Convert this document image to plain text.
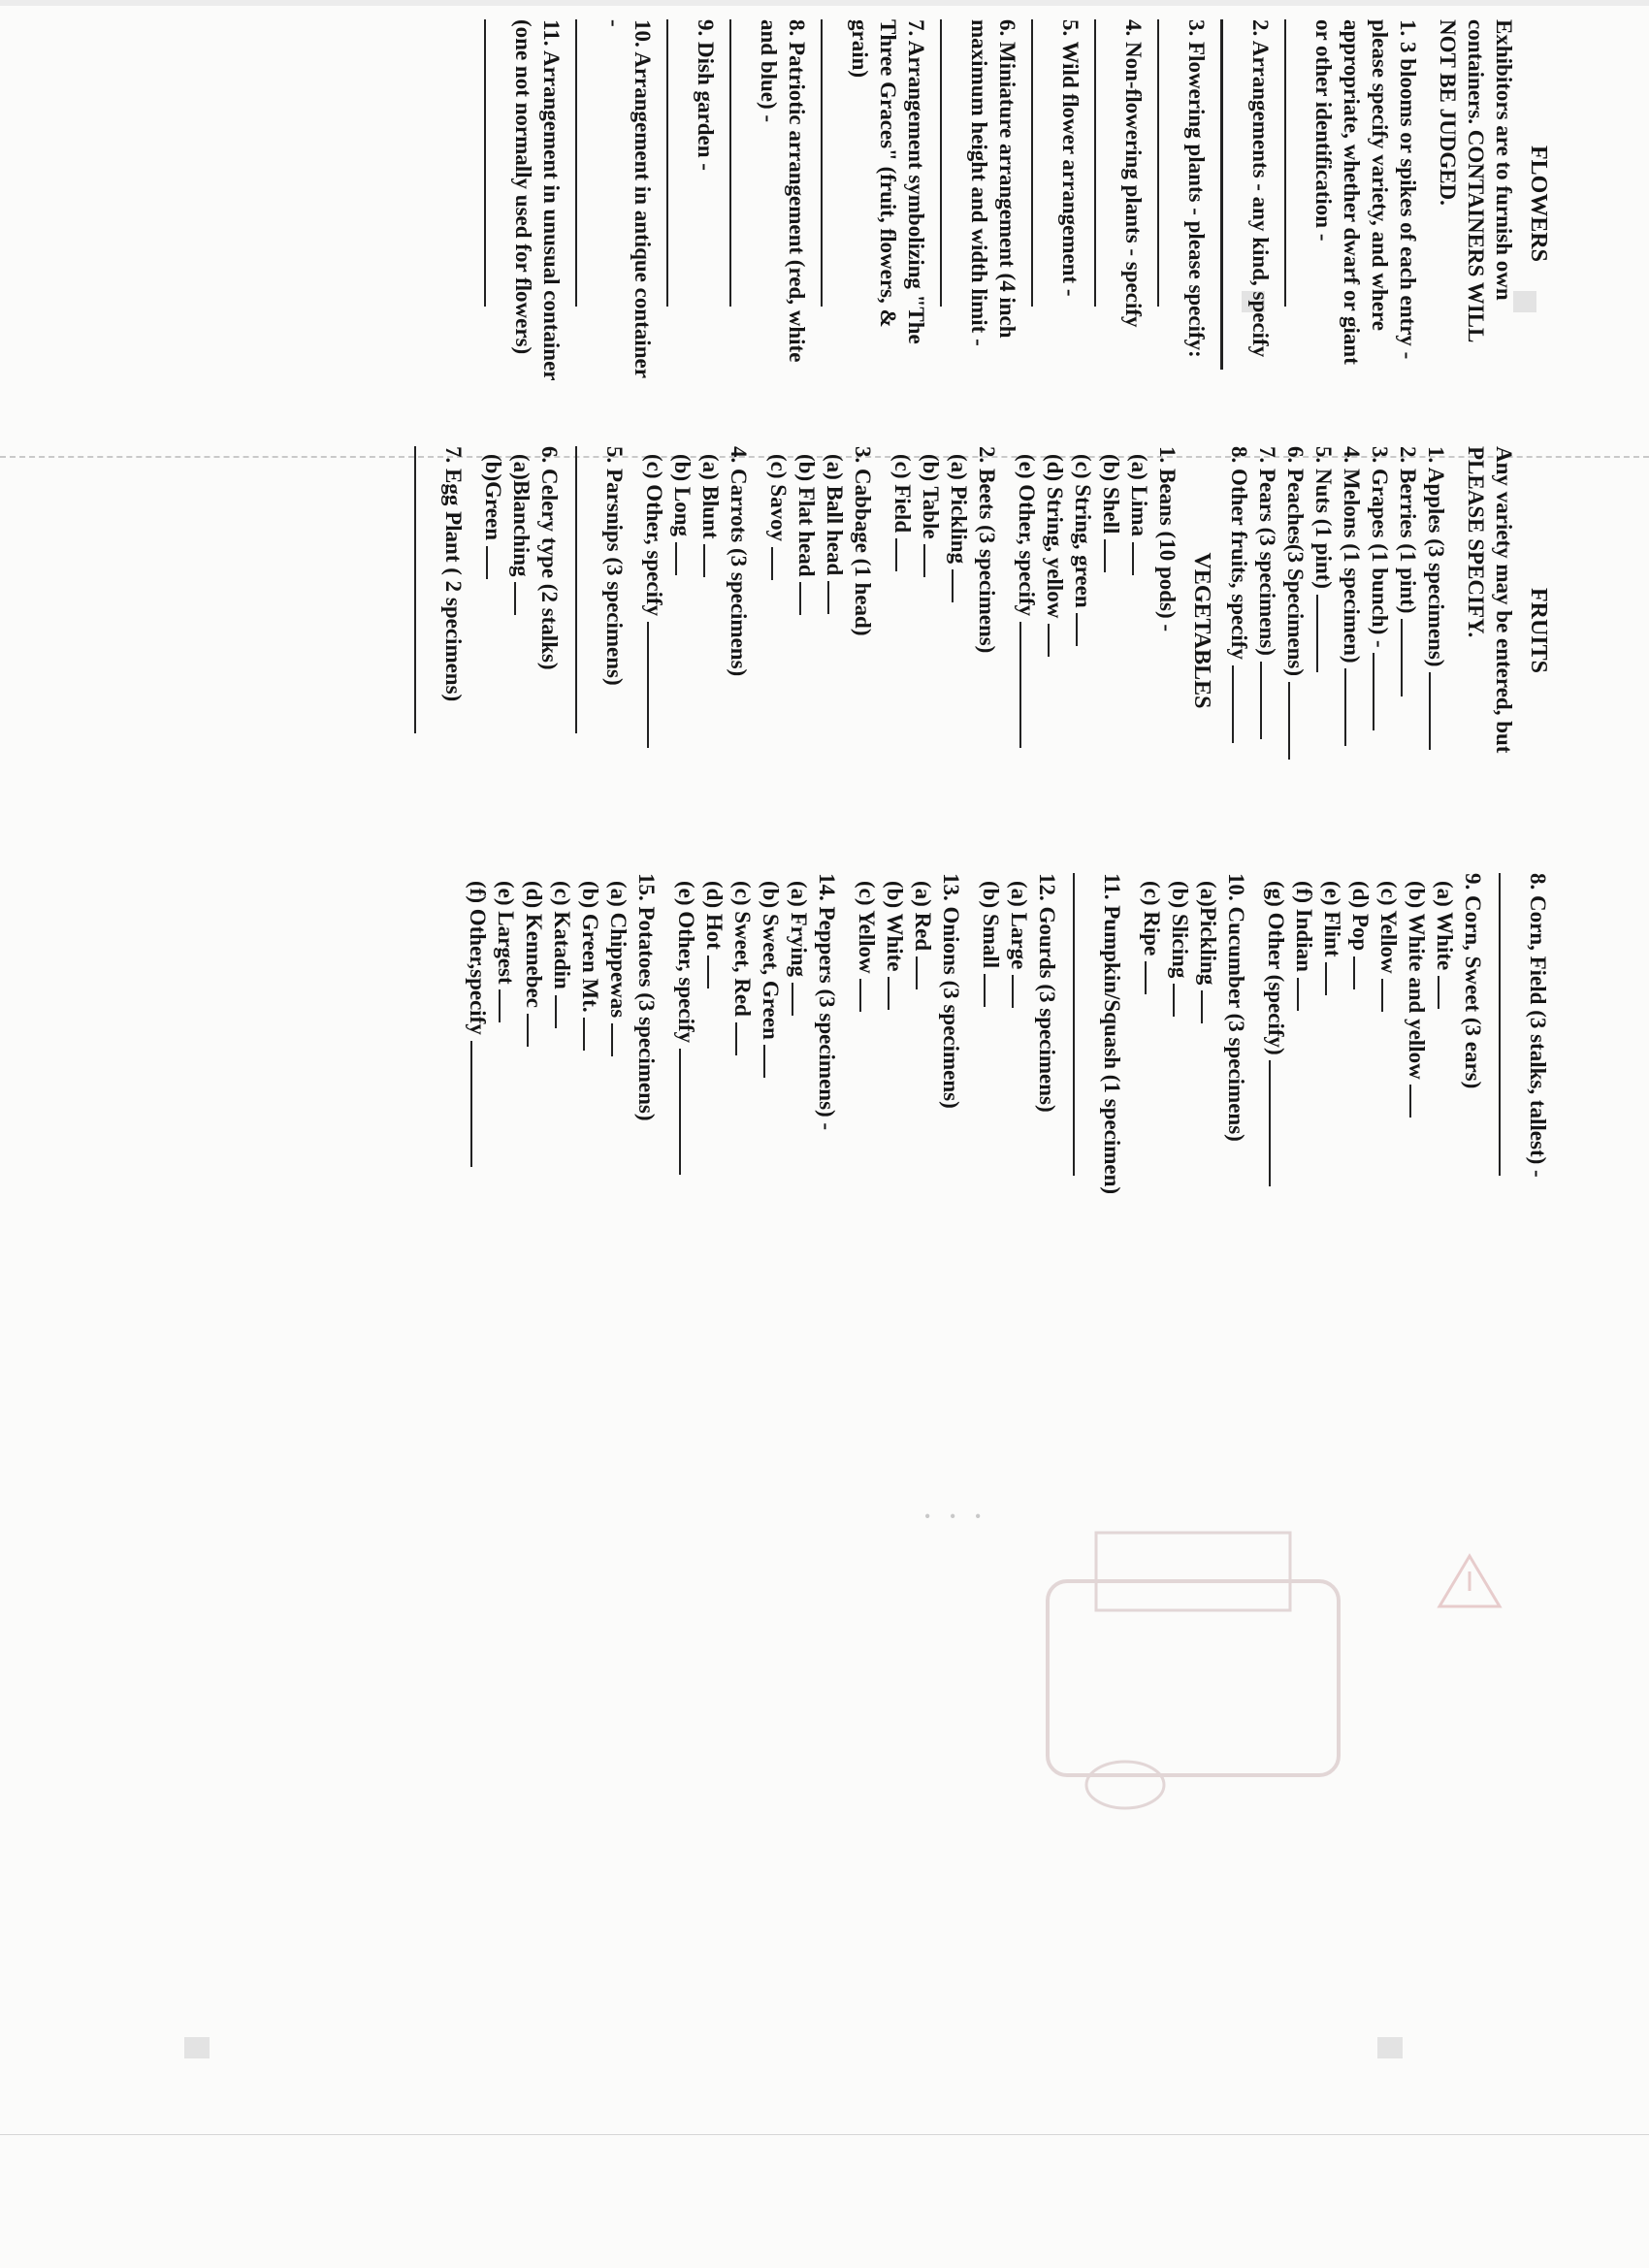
FLOWERS
Exhibitors are to furnish own containers. CONTAINERS WILL NOT BE JUDGED.
1. 3 blooms or spikes of each entry - please specify variety, and where appropriate, whether dwarf or giant or other identification -
2. Arrangements - any kind, specify
3. Flowering plants - please specify:
4. Non-flowering plants - specify
5. Wild flower arrangement -
6. Miniature arrangement (4 inch maximum height and width limit -
7. Arrangement symbolizing "The Three Graces" (fruit, flowers, & grain)
8. Patriotic arrangement (red, white and blue) -
9. Dish garden -
10. Arrangement in antique container -
11. Arrangement in unusual container (one not normally used for flowers)
FRUITS
Any variety may be entered, but PLEASE SPECIFY.
1. Apples (3 specimens)
2. Berries (1 pint)
3. Grapes (1 bunch) -
4. Melons (1 specimen)
5. Nuts (1 pint)
6. Peaches(3 Specimens)
7. Pears (3 specimens)
8. Other fruits, specify
VEGETABLES
1. Beans (10 pods) -
(a) Lima
(b) Shell
(c) String, green
(d) String, yellow
(e) Other, specify
2. Beets (3 specimens)
(a) Pickling
(b) Table
(c) Field
3. Cabbage (1 head)
(a) Ball head
(b) Flat head
(c) Savoy
4. Carrots (3 specimens)
(a) Blunt
(b) Long
(c) Other, specify
5. Parsnips (3 specimens)
6. Celery type (2 stalks)
(a)Blanching
(b)Green
7. Egg Plant ( 2 specimens)
8. Corn, Field (3 stalks, tallest) -
9. Corn, Sweet (3 ears)
(a) White
(b) White and yellow
(c) Yellow
(d) Pop
(e) Flint
(f) Indian
(g) Other (specify)
10. Cucumber (3 specimens)
(a)Pickling
(b) Slicing
(c) Ripe
11. Pumpkin/Squash (1 specimen)
12. Gourds (3 specimens)
(a) Large
(b) Small
13. Onions (3 specimens)
(a) Red
(b) White
(c) Yellow
14. Peppers (3 specimens) -
(a) Frying
(b) Sweet, Green
(c) Sweet, Red
(d) Hot
(e) Other, specify
15. Potatoes (3 specimens)
(a) Chippewas
(b) Green Mt.
(c) Katadin
(d) Kennebec
(e) Largest
(f) Other,specify
•
•
•
